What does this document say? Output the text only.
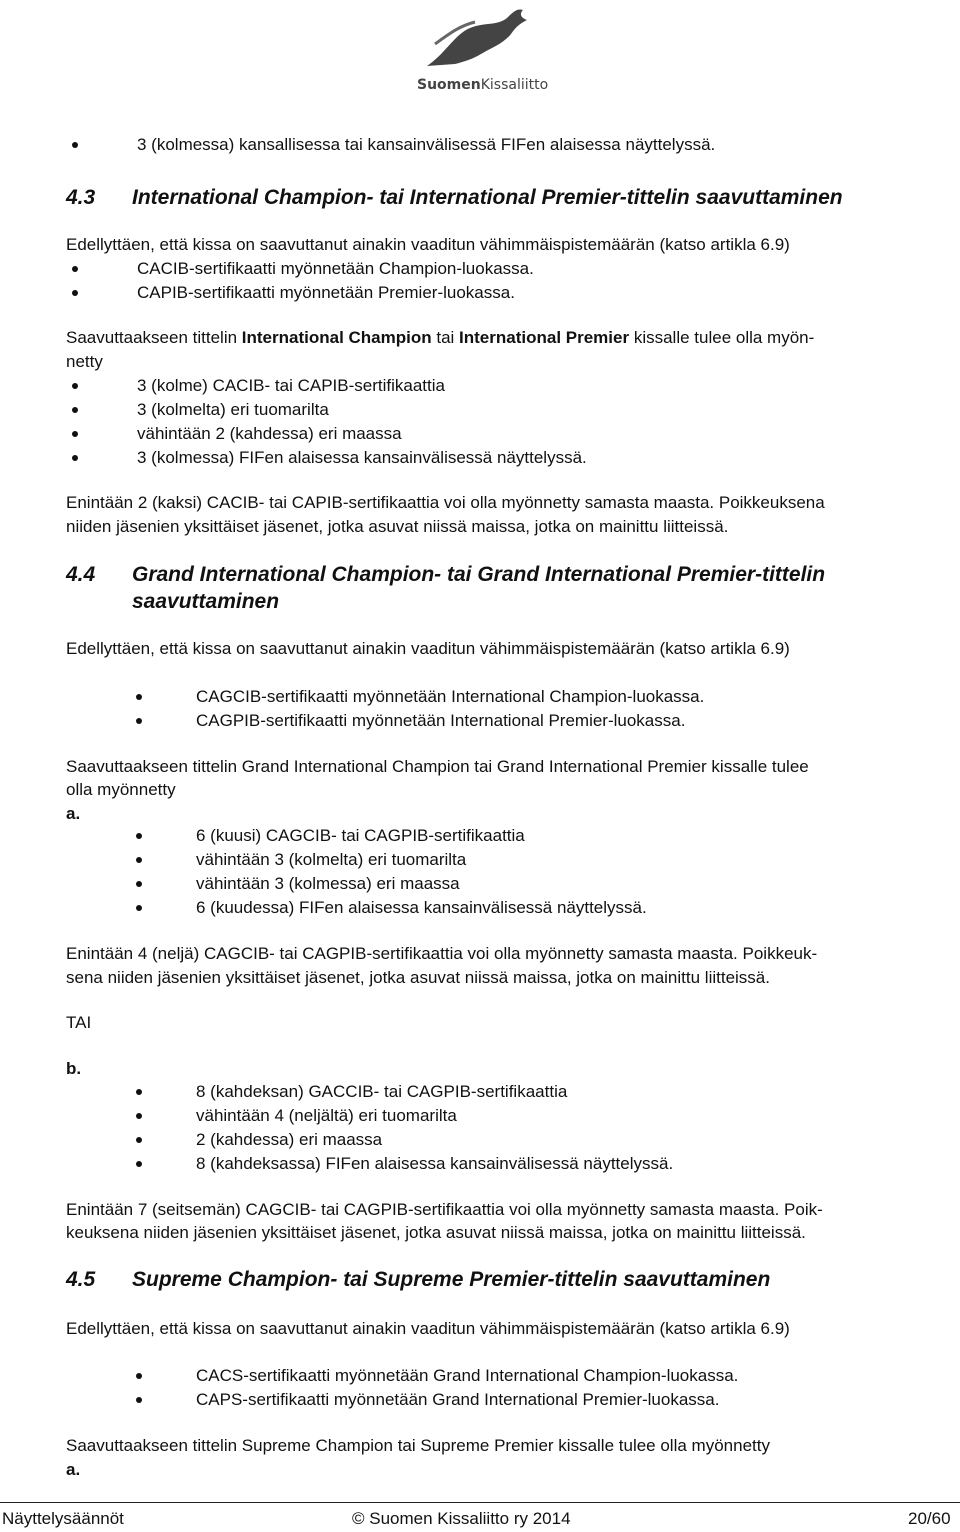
SuomenKissaliitto
3 (kolmessa) kansallisessa tai kansainvälisessä FIFen alaisessa näyttelyssä.
4.3 International Champion- tai International Premier-tittelin saavuttaminen
Edellyttäen, että kissa on saavuttanut ainakin vaaditun vähimmäispistemäärän (katso artikla 6.9)
CACIB-sertifikaatti myönnetään Champion-luokassa.
CAPIB-sertifikaatti myönnetään Premier-luokassa.
Saavuttaakseen tittelin International Champion tai International Premier kissalle tulee olla myön-
netty
3 (kolme) CACIB- tai CAPIB-sertifikaattia
3 (kolmelta) eri tuomarilta
vähintään 2 (kahdessa) eri maassa
3 (kolmessa) FIFen alaisessa kansainvälisessä näyttelyssä.
Enintään 2 (kaksi) CACIB- tai CAPIB-sertifikaattia voi olla myönnetty samasta maasta. Poikkeuksena
niiden jäsenien yksittäiset jäsenet, jotka asuvat niissä maissa, jotka on mainittu liitteissä.
4.4 Grand International Champion- tai Grand International Premier-tittelin
saavuttaminen
Edellyttäen, että kissa on saavuttanut ainakin vaaditun vähimmäispistemäärän (katso artikla 6.9)
CAGCIB-sertifikaatti myönnetään International Champion-luokassa.
CAGPIB-sertifikaatti myönnetään International Premier-luokassa.
Saavuttaakseen tittelin Grand International Champion tai Grand International Premier kissalle tulee
olla myönnetty
a.
6 (kuusi) CAGCIB- tai CAGPIB-sertifikaattia
vähintään 3 (kolmelta) eri tuomarilta
vähintään 3 (kolmessa) eri maassa
6 (kuudessa) FIFen alaisessa kansainvälisessä näyttelyssä.
Enintään 4 (neljä) CAGCIB- tai CAGPIB-sertifikaattia voi olla myönnetty samasta maasta. Poikkeuk-
sena niiden jäsenien yksittäiset jäsenet, jotka asuvat niissä maissa, jotka on mainittu liitteissä.
TAI
b.
8 (kahdeksan) GACCIB- tai CAGPIB-sertifikaattia
vähintään 4 (neljältä) eri tuomarilta
2 (kahdessa) eri maassa
8 (kahdeksassa) FIFen alaisessa kansainvälisessä näyttelyssä.
Enintään 7 (seitsemän) CAGCIB- tai CAGPIB-sertifikaattia voi olla myönnetty samasta maasta. Poik-
keuksena niiden jäsenien yksittäiset jäsenet, jotka asuvat niissä maissa, jotka on mainittu liitteissä.
4.5 Supreme Champion- tai Supreme Premier-tittelin saavuttaminen
Edellyttäen, että kissa on saavuttanut ainakin vaaditun vähimmäispistemäärän (katso artikla 6.9)
CACS-sertifikaatti myönnetään Grand International Champion-luokassa.
CAPS-sertifikaatti myönnetään Grand International Premier-luokassa.
Saavuttaakseen tittelin Supreme Champion tai Supreme Premier kissalle tulee olla myönnetty
a.
Näyttelysäännöt	© Suomen Kissaliitto ry 2014	20/60
